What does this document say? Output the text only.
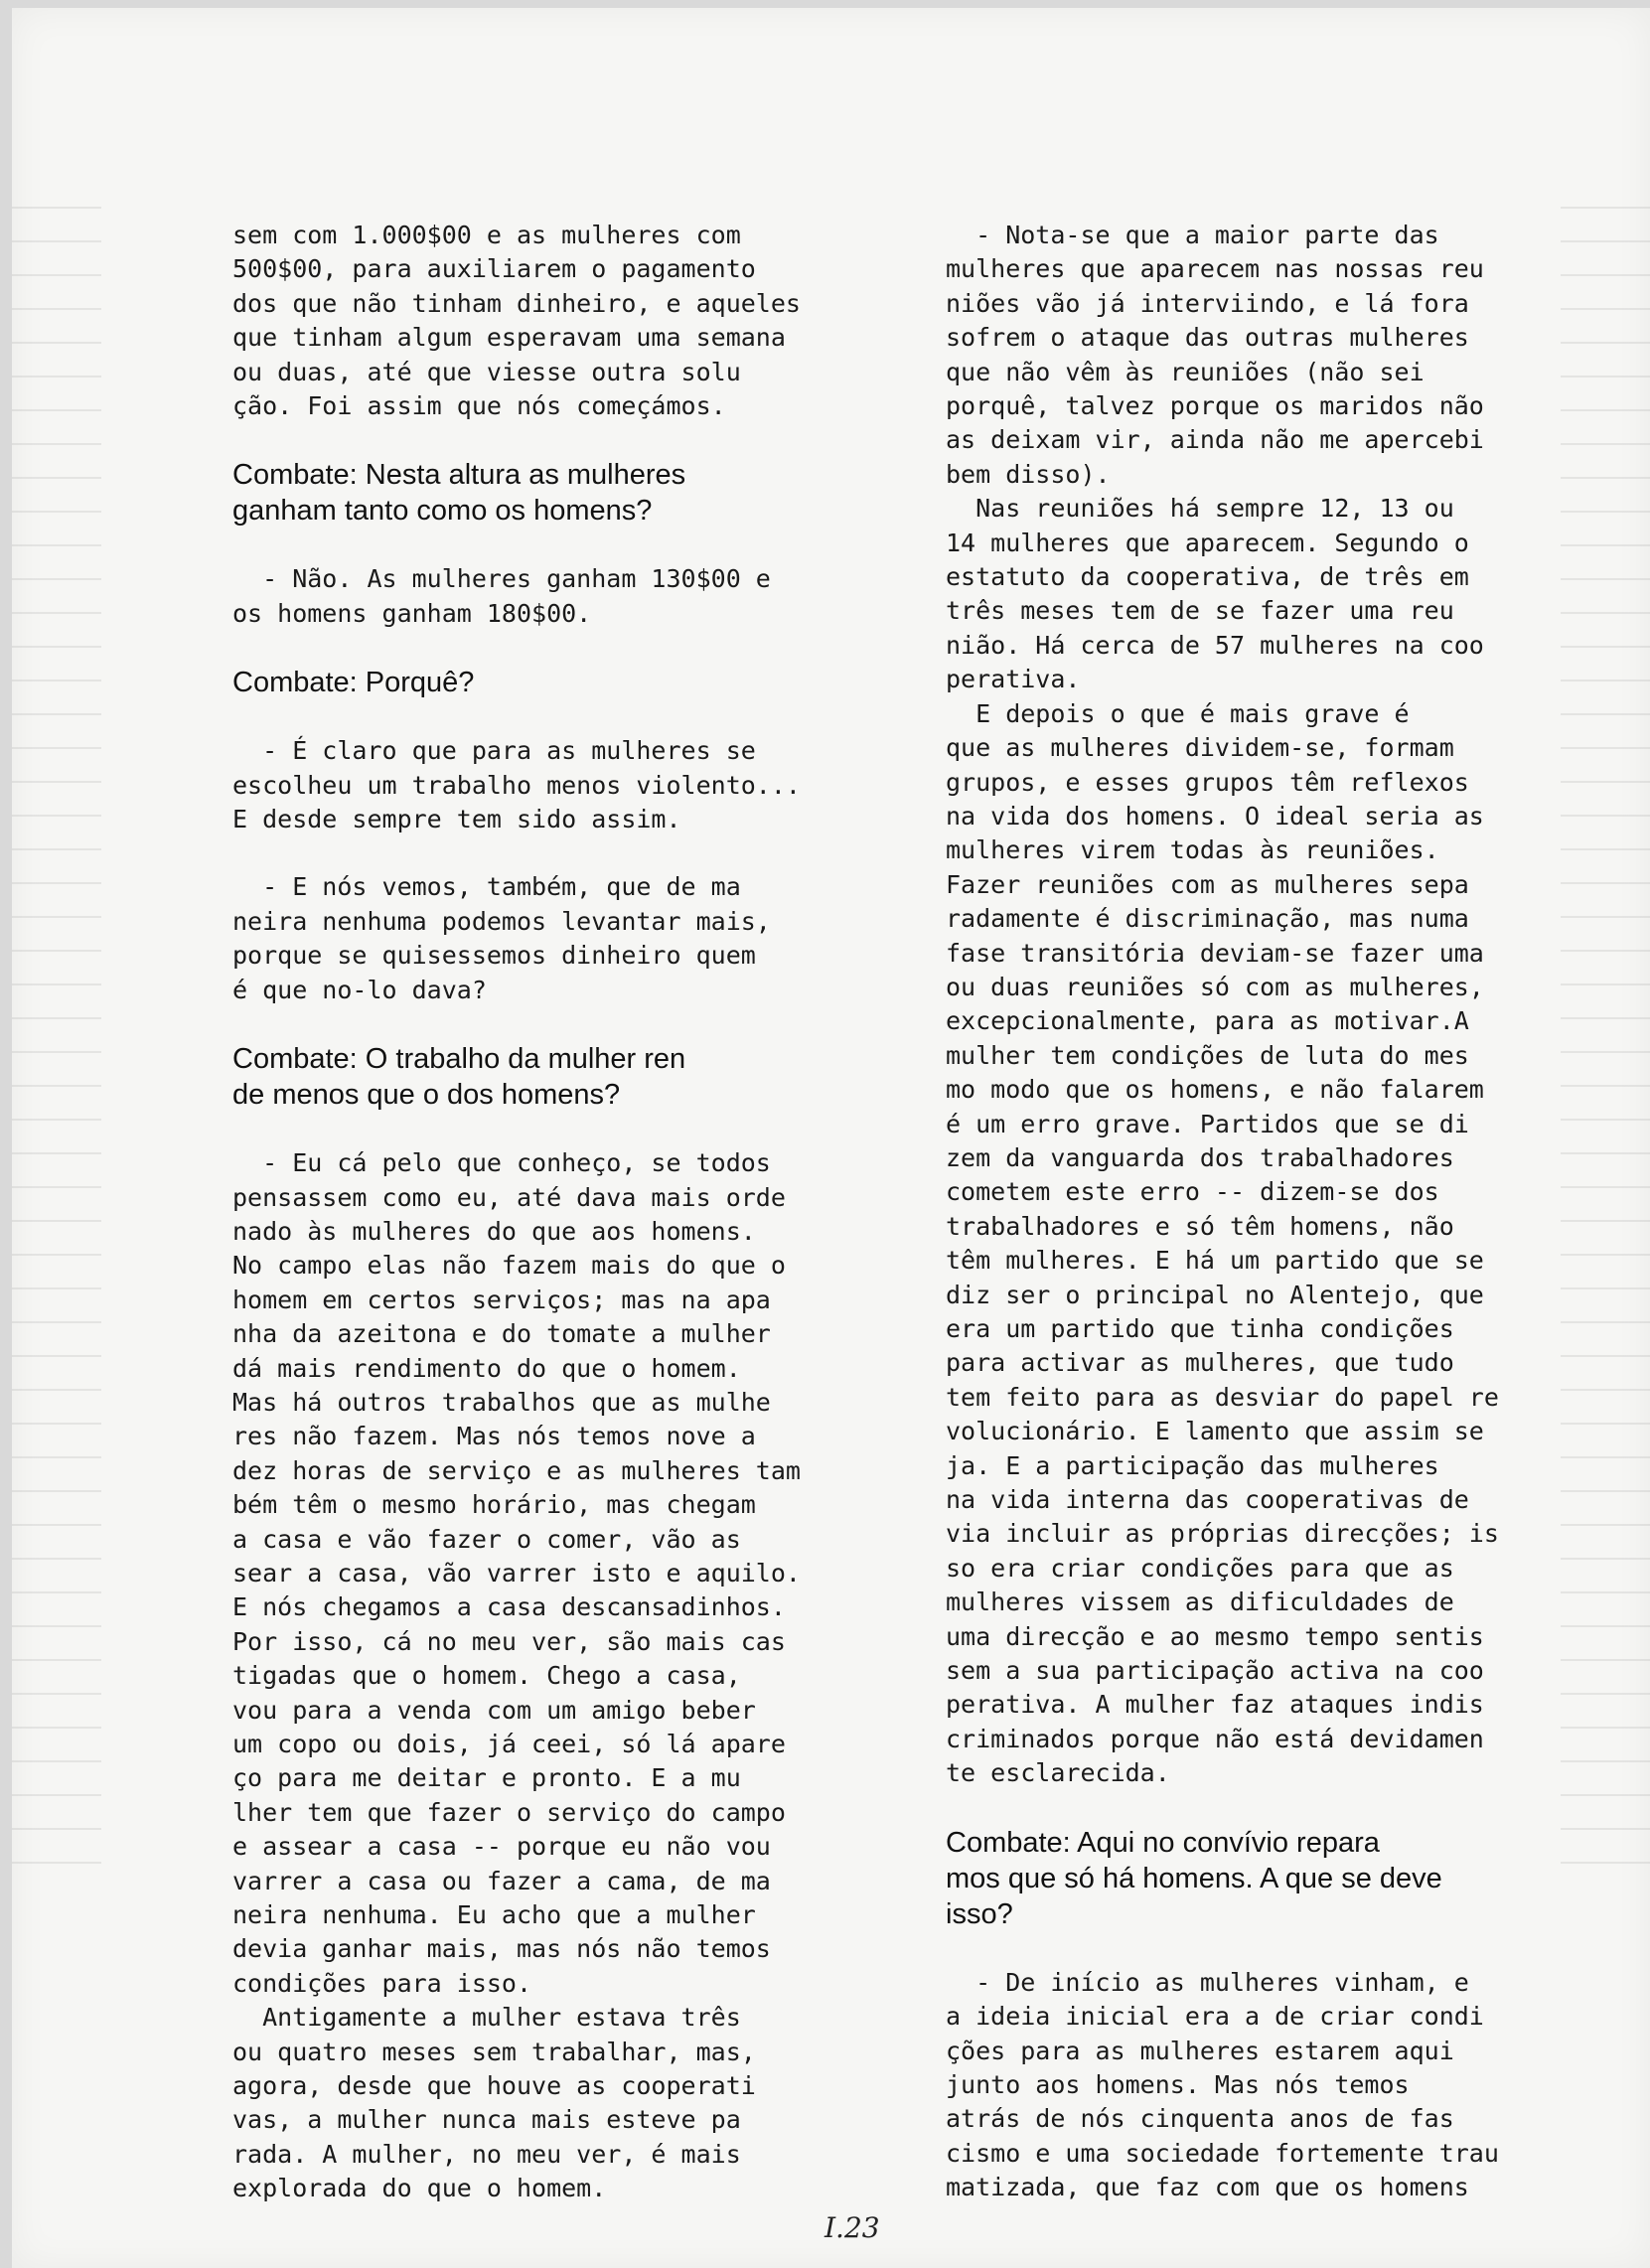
sem com 1.000$00 e as mulheres com

500$00, para auxiliarem o pagamento

dos que não tinham dinheiro, e aqueles

que tinham algum esperavam uma semana

ou duas, até que viesse outra solu

ção. Foi assim que nós começámos.

Combate: Nesta altura as mulheres

ganham tanto como os homens?

- Não. As mulheres ganham 130$00 e

os homens ganham 180$00.

Combate: Porquê?

- É claro que para as mulheres se

escolheu um trabalho menos violento...

E desde sempre tem sido assim.

- E nós vemos, também, que de ma

neira nenhuma podemos levantar mais,

porque se quisessemos dinheiro quem

é que no-lo dava?

Combate: O trabalho da mulher ren

de menos que o dos homens?

- Eu cá pelo que conheço, se todos

pensassem como eu, até dava mais orde

nado às mulheres do que aos homens.

No campo elas não fazem mais do que o

homem em certos serviços; mas na apa

nha da azeitona e do tomate a mulher

dá mais rendimento do que o homem.

Mas há outros trabalhos que as mulhe

res não fazem. Mas nós temos nove a

dez horas de serviço e as mulheres tam

bém têm o mesmo horário, mas chegam

a casa e vão fazer o comer, vão as

sear a casa, vão varrer isto e aquilo.

E nós chegamos a casa descansadinhos.

Por isso, cá no meu ver, são mais cas

tigadas que o homem. Chego a casa,

vou para a venda com um amigo beber

um copo ou dois, já ceei, só lá apare

ço para me deitar e pronto. E a mu

lher tem que fazer o serviço do campo

e assear a casa -- porque eu não vou

varrer a casa ou fazer a cama, de ma

neira nenhuma. Eu acho que a mulher

devia ganhar mais, mas nós não temos

condições para isso.

Antigamente a mulher estava três

ou quatro meses sem trabalhar, mas,

agora, desde que houve as cooperati

vas, a mulher nunca mais esteve pa

rada. A mulher, no meu ver, é mais

explorada do que o homem.

- Nota-se que a maior parte das

mulheres que aparecem nas nossas reu

niões vão já interviindo, e lá fora

sofrem o ataque das outras mulheres

que não vêm às reuniões (não sei

porquê, talvez porque os maridos não

as deixam vir, ainda não me apercebi

bem disso).

Nas reuniões há sempre 12, 13 ou

14 mulheres que aparecem. Segundo o

estatuto da cooperativa, de três em

três meses tem de se fazer uma reu

nião. Há cerca de 57 mulheres na coo

perativa.

E depois o que é mais grave é

que as mulheres dividem-se, formam

grupos, e esses grupos têm reflexos

na vida dos homens. O ideal seria as

mulheres virem todas às reuniões.

Fazer reuniões com as mulheres sepa

radamente é discriminação, mas numa

fase transitória deviam-se fazer uma

ou duas reuniões só com as mulheres,

excepcionalmente, para as motivar.A

mulher tem condições de luta do mes

mo modo que os homens, e não falarem

é um erro grave. Partidos que se di

zem da vanguarda dos trabalhadores

cometem este erro -- dizem-se dos

trabalhadores e só têm homens, não

têm mulheres. E há um partido que se

diz ser o principal no Alentejo, que

era um partido que tinha condições

para activar as mulheres, que tudo

tem feito para as desviar do papel re

volucionário. E lamento que assim se

ja. E a participação das mulheres

na vida interna das cooperativas de

via incluir as próprias direcções; is

so era criar condições para que as

mulheres vissem as dificuldades de

uma direcção e ao mesmo tempo sentis

sem a sua participação activa na coo

perativa. A mulher faz ataques indis

criminados porque não está devidamen

te esclarecida.

Combate: Aqui no convívio repara

mos que só há homens. A que se deve

isso?

- De início as mulheres vinham, e

a ideia inicial era a de criar condi

ções para as mulheres estarem aqui

junto aos homens. Mas nós temos

atrás de nós cinquenta anos de fas

cismo e uma sociedade fortemente trau

matizada, que faz com que os homens

I.23
